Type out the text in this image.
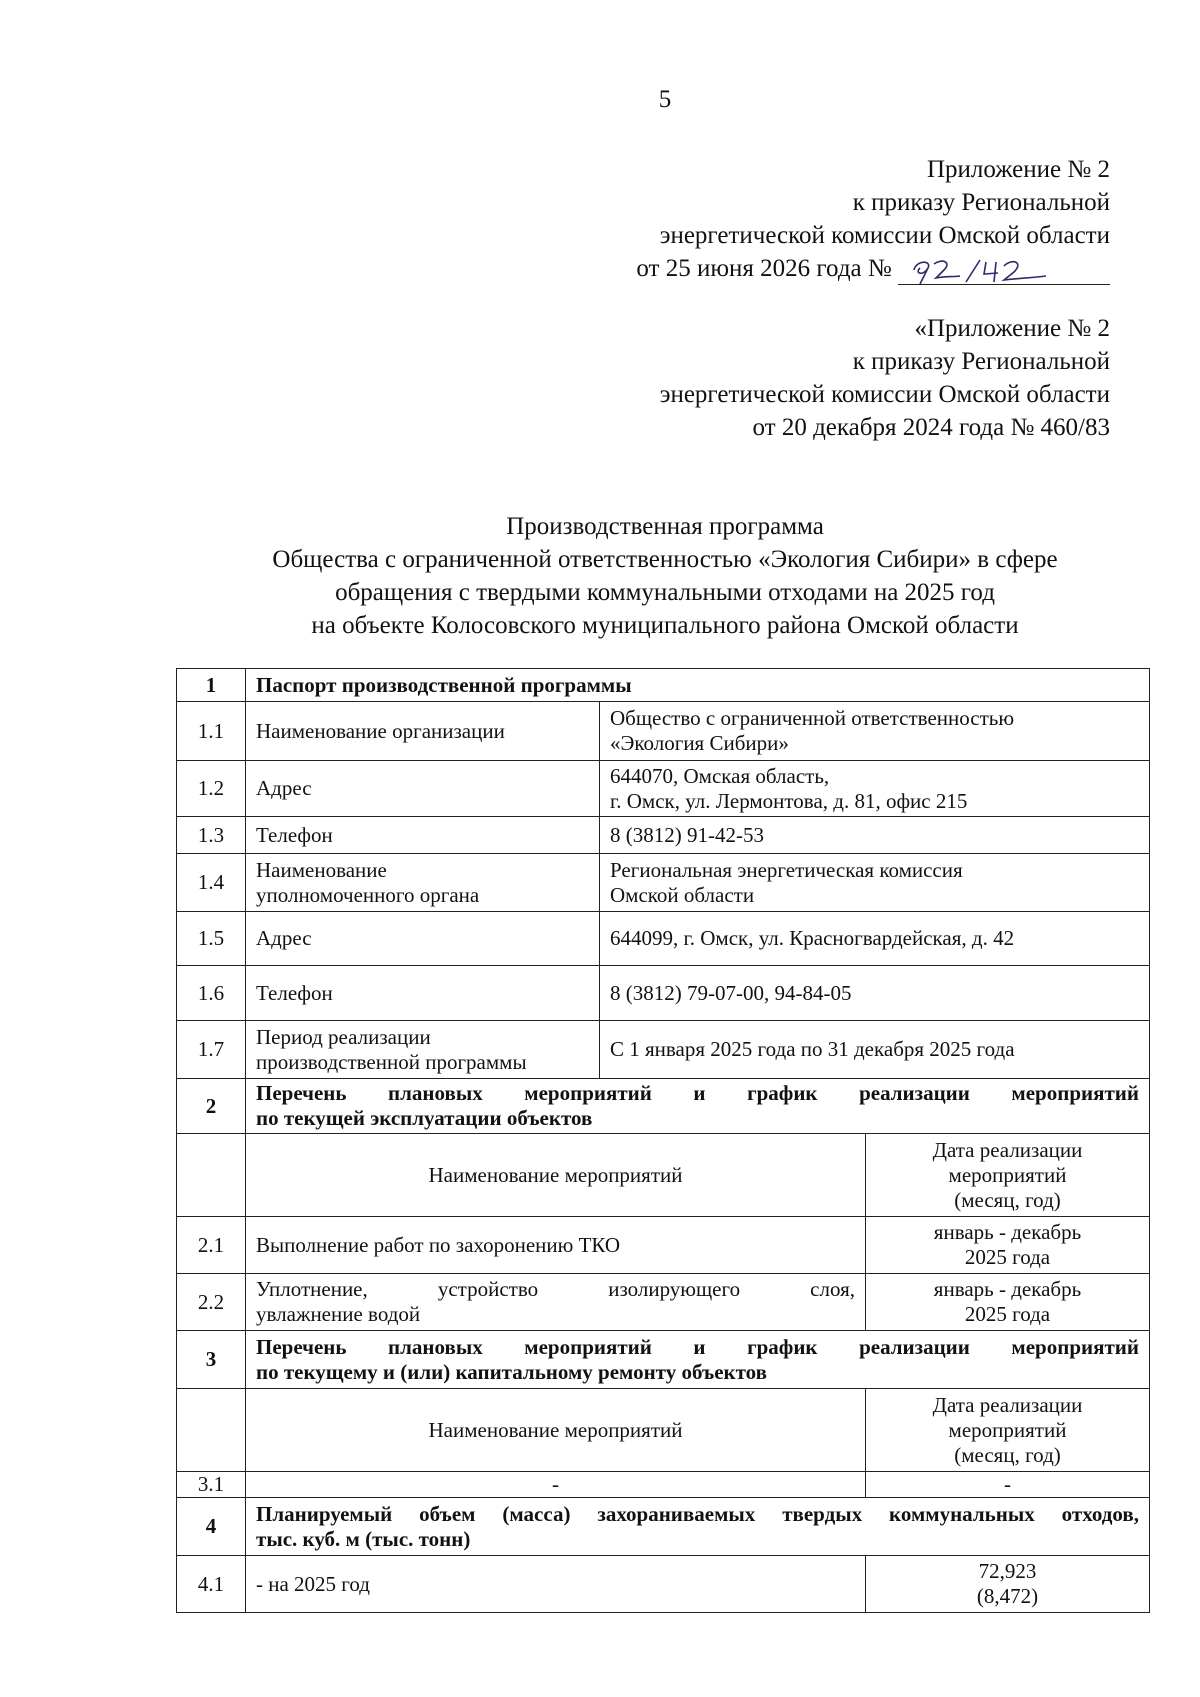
5
Приложение № 2
к приказу Региональной
энергетической комиссии Омской области
от 25 июня 2026 года №
«Приложение № 2
к приказу Региональной
энергетической комиссии Омской области
от 20 декабря 2024 года № 460/83
Производственная программа
Общества с ограниченной ответственностью «Экология Сибири» в сфере
обращения с твердыми коммунальными отходами на 2025 год
на объекте Колосовского муниципального района Омской области
1	Паспорт производственной программы		
1.1	Наименование организации	Общество с ограниченной ответственностью
«Экология Сибири»	

1.2	Адрес	644070, Омская область,
г. Омск, ул. Лермонтова, д. 81, офис 215	

1.3	Телефон	8 (3812) 91-42-53	
1.4	Наименование
уполномоченного органа	Региональная энергетическая комиссия
Омской области	

1.5	Адрес	644099, г. Омск, ул. Красногвардейская, д. 42	
1.6	Телефон	8 (3812) 79-07-00, 94-84-05	
1.7	Период реализации
производственной программы	С 1 января 2025 года по 31 декабря 2025 года	
2	Перечень плановых мероприятий и график реализации мероприятий
по текущей эксплуатации объектов		

	Наименование мероприятий		Дата реализации
мероприятий
(месяц, год)

2.1	Выполнение работ по захоронению ТКО		январь - декабрь
2025 года

2.2	Уплотнение, устройство изолирующего слоя,
увлажнение водой		январь - декабрь
2025 года

3	Перечень плановых мероприятий и график реализации мероприятий
по текущему и (или) капитальному ремонту объектов		

	Наименование мероприятий		Дата реализации
мероприятий
(месяц, год)

3.1	-		-
4	Планируемый объем (масса) захораниваемых твердых коммунальных отходов,
тыс. куб. м (тыс. тонн)		

4.1	- на 2025 год		72,923
(8,472)
